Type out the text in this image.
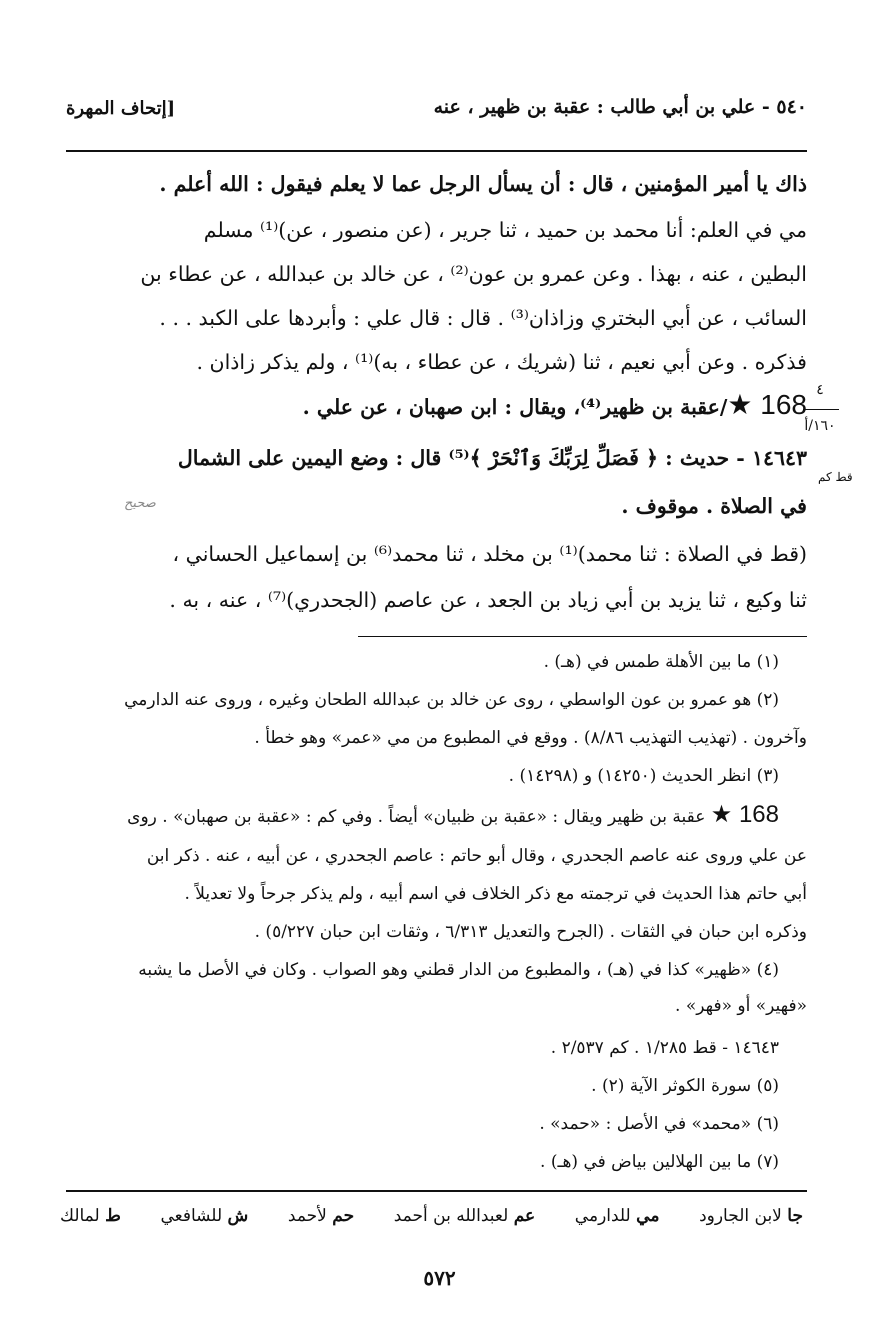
٥٤٠ - علي بن أبي طالب : عقبة بن ظهير ، عنه
[إتحاف المهرة
٤
١٦٠/أ
ذاك يا أمير المؤمنين ، قال : أن يسأل الرجل عما لا يعلم فيقول : الله أعلم .
مي في العلم: أنا محمد بن حميد ، ثنا جرير ، (عن منصور ، عن)⁽¹⁾ مسلم
البطين ، عنه ، بهذا . وعن عمرو بن عون⁽²⁾ ، عن خالد بن عبدالله ، عن عطاء بن
السائب ، عن أبي البختري وزاذان⁽³⁾ . قال : قال علي : وأبردها على الكبد . . .
فذكره . وعن أبي نعيم ، ثنا (شريك ، عن عطاء ، به)⁽¹⁾ ، ولم يذكر زاذان .
168 ★/عقبة بن ظهير⁽⁴⁾، ويقال : ابن صهبان ، عن علي .
١٤٦٤٣ - حديث : ﴿ فَصَلِّ لِرَبِّكَ وَٱنْحَرْ ﴾⁽⁵⁾ قال : وضع اليمين على الشمال
قط كم
صحيح	في الصلاة . موقوف .
(قط في الصلاة : ثنا محمد)⁽¹⁾ بن مخلد ، ثنا محمد⁽⁶⁾ بن إسماعيل الحساني ،
ثنا وكيع ، ثنا يزيد بن أبي زياد بن الجعد ، عن عاصم (الجحدري)⁽⁷⁾ ، عنه ، به .
(١) ما بين الأهلة طمس في (هـ) .
(٢) هو عمرو بن عون الواسطي ، روى عن خالد بن عبدالله الطحان وغيره ، وروى عنه الدارمي
وآخرون . (تهذيب التهذيب ٨/٨٦) . ووقع في المطبوع من مي «عمر» وهو خطأ .
(٣) انظر الحديث (١٤٢٥٠) و (١٤٢٩٨) .
168 ★ عقبة بن ظهير ويقال : «عقبة بن ظبيان» أيضاً . وفي كم : «عقبة بن صهبان» . روى
عن علي وروى عنه عاصم الجحدري ، وقال أبو حاتم : عاصم الجحدري ، عن أبيه ، عنه . ذكر ابن
أبي حاتم هذا الحديث في ترجمته مع ذكر الخلاف في اسم أبيه ، ولم يذكر جرحاً ولا تعديلاً .
وذكره ابن حبان في الثقات . (الجرح والتعديل ٦/٣١٣ ، وثقات ابن حبان ٥/٢٢٧) .
(٤) «ظهير» كذا في (هـ) ، والمطبوع من الدار قطني وهو الصواب . وكان في الأصل ما يشبه
«فهير» أو «فهر» .
١٤٦٤٣ - قط ١/٢٨٥ . كم ٢/٥٣٧ .
(٥) سورة الكوثر الآية (٢) .
(٦) «محمد» في الأصل : «حمد» .
(٧) ما بين الهلالين بياض في (هـ) .
ط لمالك	ش للشافعي	حم لأحمد	عم لعبدالله بن أحمد	مي للدارمي	جا لابن الجارود
٥٧٢
